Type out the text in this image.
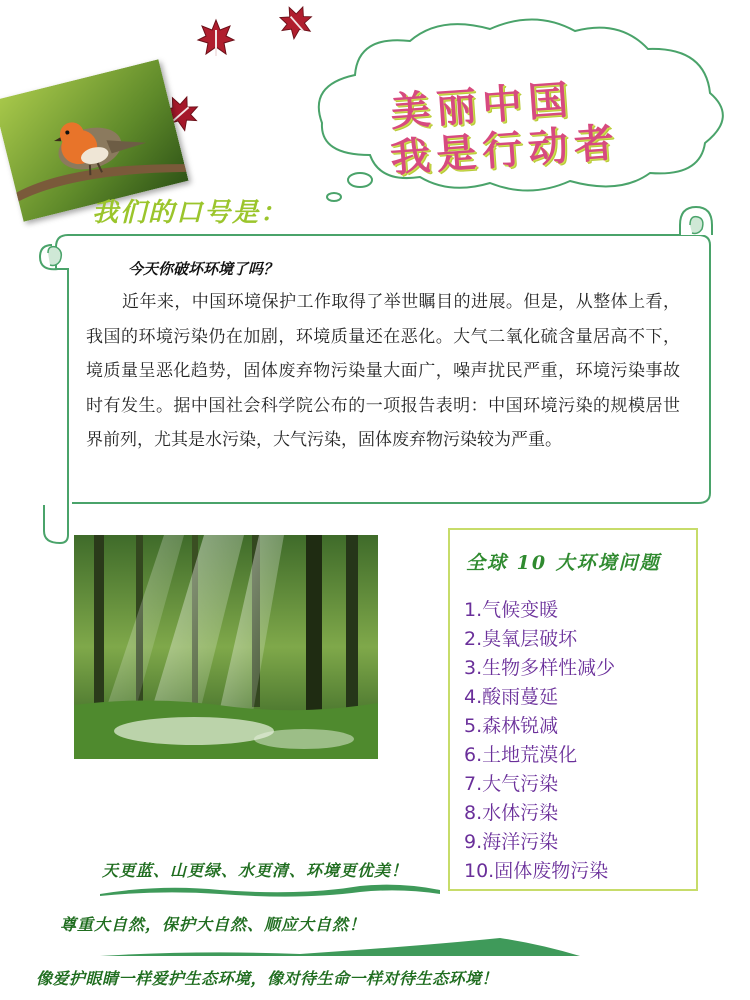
美丽中国
我是行动者
我们的口号是：
今天你破坏环境了吗？

近年来，中国环境保护工作取得了举世瞩目的进展。但是，从整体上看，我国的环境污染仍在加剧，环境质量还在恶化。大气二氧化硫含量居高不下，境质量呈恶化趋势，固体废弃物污染量大面广，噪声扰民严重，环境污染事故时有发生。据中国社会科学院公布的一项报告表明：中国环境污染的规模居世界前列，尤其是水污染，大气污染，固体废弃物污染较为严重。

全球 10 大环境问题
1.气候变暖
2.臭氧层破坏
3.生物多样性减少
4.酸雨蔓延
5.森林锐减
6.土地荒漠化
7.大气污染
8.水体污染
9.海洋污染
10.固体废物污染
天更蓝、山更绿、水更清、环境更优美！
尊重大自然，保护大自然、顺应大自然！
像爱护眼睛一样爱护生态环境，像对待生命一样对待生态环境！
